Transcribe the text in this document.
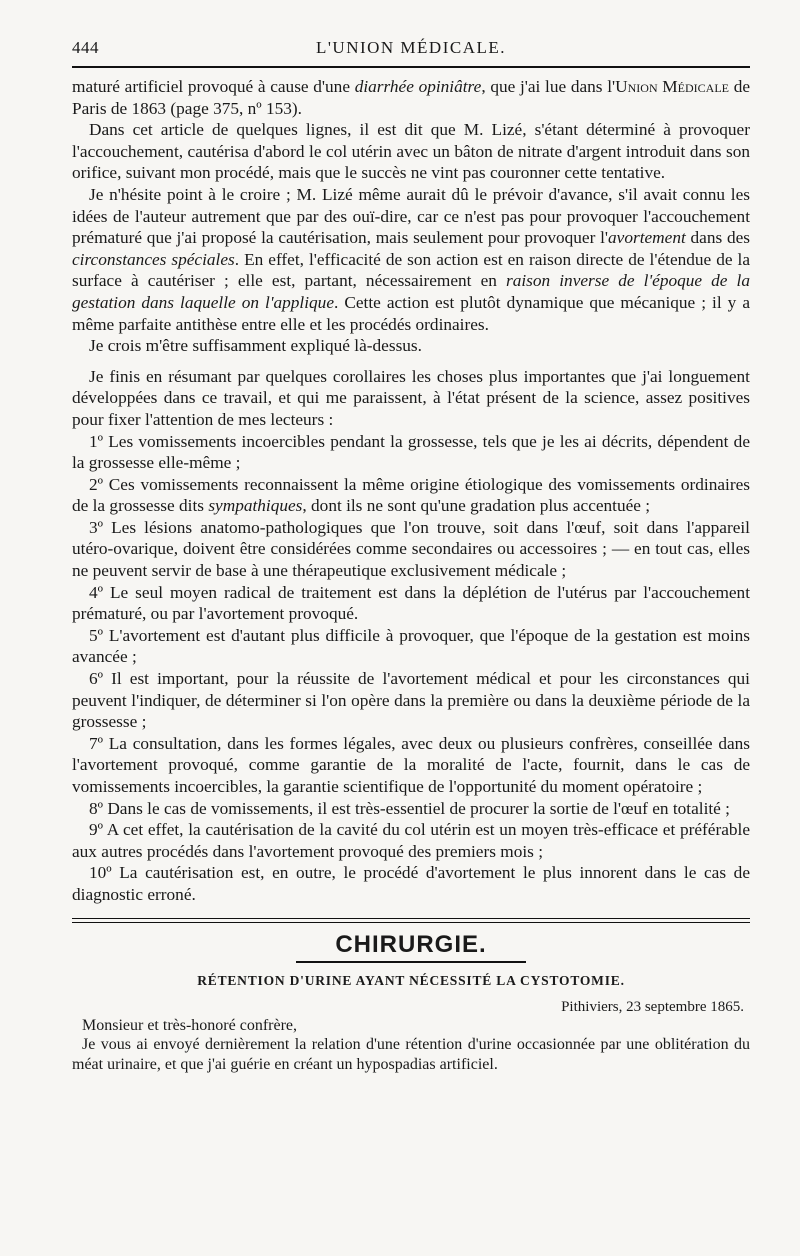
444	L'UNION MÉDICALE.

maturé artificiel provoqué à cause d'une diarrhée opiniâtre, que j'ai lue dans l'Union Médicale de Paris de 1863 (page 375, nº 153).

Dans cet article de quelques lignes, il est dit que M. Lizé, s'étant déterminé à provoquer l'accouchement, cautérisa d'abord le col utérin avec un bâton de nitrate d'argent introduit dans son orifice, suivant mon procédé, mais que le succès ne vint pas couronner cette tentative.

Je n'hésite point à le croire ; M. Lizé même aurait dû le prévoir d'avance, s'il avait connu les idées de l'auteur autrement que par des ouï-dire, car ce n'est pas pour provoquer l'accouchement prématuré que j'ai proposé la cautérisation, mais seulement pour provoquer l'avortement dans des circonstances spéciales. En effet, l'efficacité de son action est en raison directe de l'étendue de la surface à cautériser ; elle est, partant, nécessairement en raison inverse de l'époque de la gestation dans laquelle on l'applique. Cette action est plutôt dynamique que mécanique ; il y a même parfaite antithèse entre elle et les procédés ordinaires.

Je crois m'être suffisamment expliqué là-dessus.

Je finis en résumant par quelques corollaires les choses plus importantes que j'ai longuement développées dans ce travail, et qui me paraissent, à l'état présent de la science, assez positives pour fixer l'attention de mes lecteurs :

1º Les vomissements incoercibles pendant la grossesse, tels que je les ai décrits, dépendent de la grossesse elle-même ;

2º Ces vomissements reconnaissent la même origine étiologique des vomissements ordinaires de la grossesse dits sympathiques, dont ils ne sont qu'une gradation plus accentuée ;

3º Les lésions anatomo-pathologiques que l'on trouve, soit dans l'œuf, soit dans l'appareil utéro-ovarique, doivent être considérées comme secondaires ou accessoires ; — en tout cas, elles ne peuvent servir de base à une thérapeutique exclusivement médicale ;

4º Le seul moyen radical de traitement est dans la déplétion de l'utérus par l'accouchement prématuré, ou par l'avortement provoqué.

5º L'avortement est d'autant plus difficile à provoquer, que l'époque de la gestation est moins avancée ;

6º Il est important, pour la réussite de l'avortement médical et pour les circonstances qui peuvent l'indiquer, de déterminer si l'on opère dans la première ou dans la deuxième période de la grossesse ;

7º La consultation, dans les formes légales, avec deux ou plusieurs confrères, conseillée dans l'avortement provoqué, comme garantie de la moralité de l'acte, fournit, dans le cas de vomissements incoercibles, la garantie scientifique de l'opportunité du moment opératoire ;

8º Dans le cas de vomissements, il est très-essentiel de procurer la sortie de l'œuf en totalité ;

9º A cet effet, la cautérisation de la cavité du col utérin est un moyen très-efficace et préférable aux autres procédés dans l'avortement provoqué des premiers mois ;

10º La cautérisation est, en outre, le procédé d'avortement le plus innorent dans le cas de diagnostic erroné.

CHIRURGIE.
RÉTENTION D'URINE AYANT NÉCESSITÉ LA CYSTOTOMIE.
Pithiviers, 23 septembre 1865.

Monsieur et très-honoré confrère,

Je vous ai envoyé dernièrement la relation d'une rétention d'urine occasionnée par une oblitération du méat urinaire, et que j'ai guérie en créant un hypospadias artificiel.
